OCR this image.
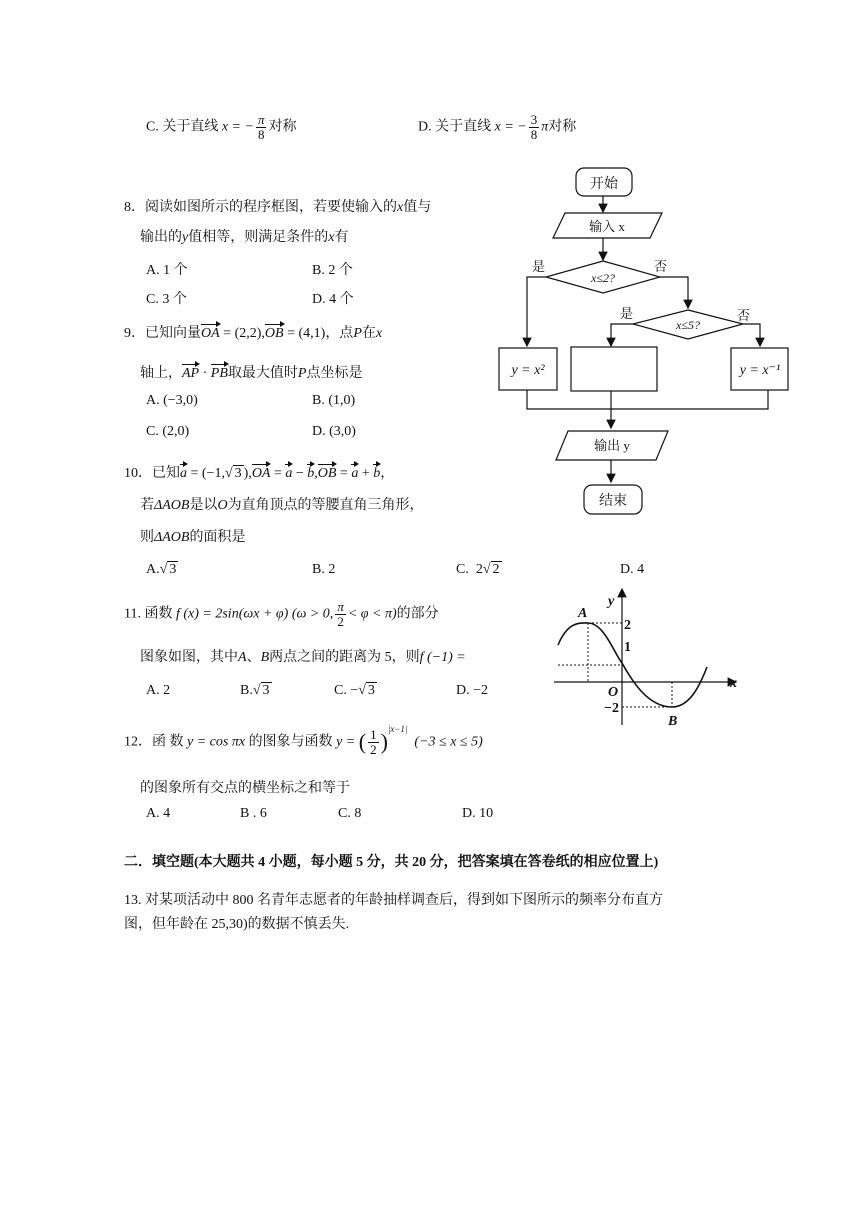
C. 关于直线 x = − $\frac{\pi}{8}$ 对称	D. 关于直线 x = − $\frac{3}{8}$ π对称
8．阅读如图所示的程序框图，若要使输入的x值与
输出的y值相等，则满足条件的x有
A. 1 个	B. 2 个
C. 3 个	D. 4 个
9．已知向量OA = (2,2),OB = (4,1)，点P在x
轴上，AP · PB取最大值时P点坐标是
A. (−3,0)	B. (1,0)
C. (2,0)	D. (3,0)
10．已知a = (−1,√ 3 ),OA = a − b,OB = a + b，
若ΔAOB是以O为直角顶点的等腰直角三角形，
则ΔAOB的面积是
A.√ 3	B. 2	C. 2√ 2	D. 4
11. 函数 f (x) = 2sin(ωx + φ) (ω > 0, $\frac{\pi}{2} < \varphi < \pi$)的部分
图象如图，其中A、B两点之间的距离为 5，则f (−1) =
A. 2	B.√ 3	C. −√ 3	D. −2
12．函 数 y = cos πx 的图象与函数 y = ( $\frac{1}{2} )^{|x-1|}$  (−3 ≤ x ≤ 5)
的图象所有交点的横坐标之和等于
A. 4	B . 6	C. 8	D. 10
二．填空题(本大题共 4 小题，每小题 5 分，共 20 分，把答案填在答卷纸的相应位置上)
13. 对某项活动中 800 名青年志愿者的年龄抽样调查后，得到如下图所示的频率分布直方
图，但年龄在 25,30)的数据不慎丢失.
开始
输入 x
x≤2?
是	否
x≤5?
是	否
y = x²	y = x⁻¹
输出 y
结束
y
x
O
2
1
−2
A
B
